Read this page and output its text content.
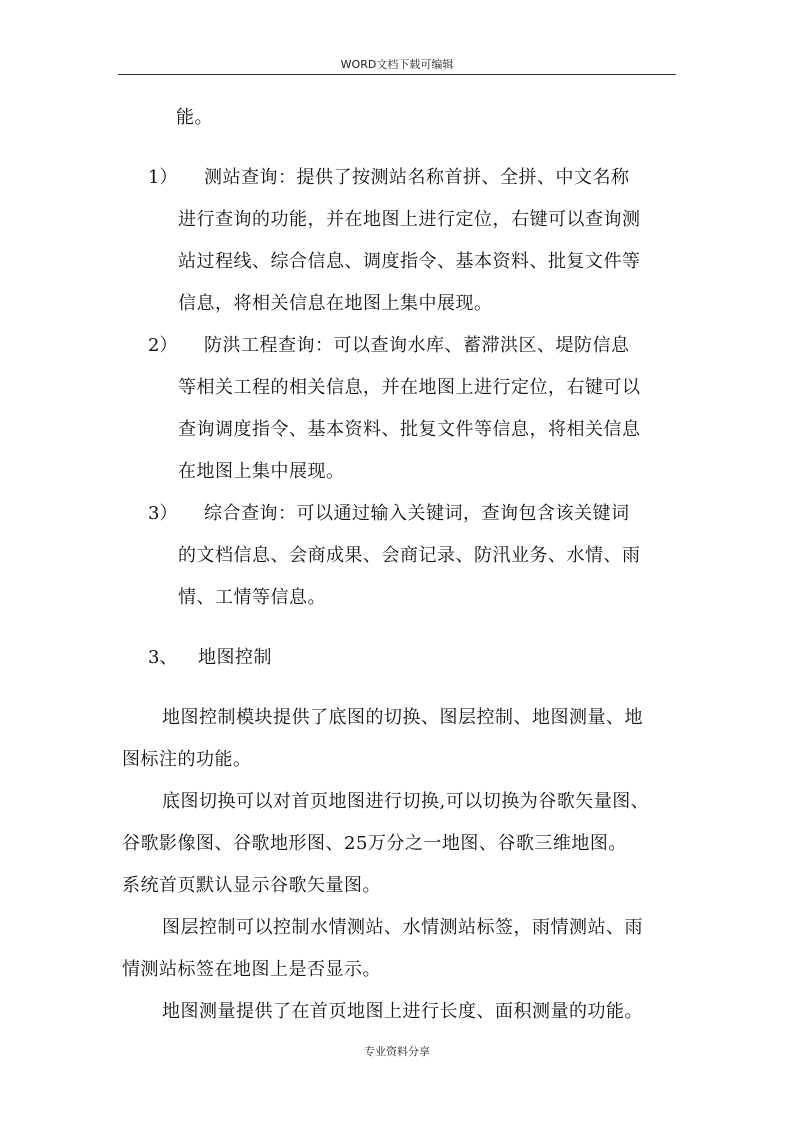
WORD文档下载可编辑
能。
1） 测站查询：提供了按测站名称首拼、全拼、中文名称
进行查询的功能，并在地图上进行定位，右键可以查询测
站过程线、综合信息、调度指令、基本资料、批复文件等
信息，将相关信息在地图上集中展现。
2） 防洪工程查询：可以查询水库、蓄滞洪区、堤防信息
等相关工程的相关信息，并在地图上进行定位，右键可以
查询调度指令、基本资料、批复文件等信息，将相关信息
在地图上集中展现。
3） 综合查询：可以通过输入关键词，查询包含该关键词
的文档信息、会商成果、会商记录、防汛业务、水情、雨
情、工情等信息。
3、 地图控制
地图控制模块提供了底图的切换、图层控制、地图测量、地
图标注的功能。
底图切换可以对首页地图进行切换,可以切换为谷歌矢量图、
谷歌影像图、谷歌地形图、25万分之一地图、谷歌三维地图。
系统首页默认显示谷歌矢量图。
图层控制可以控制水情测站、水情测站标签，雨情测站、雨
情测站标签在地图上是否显示。
地图测量提供了在首页地图上进行长度、面积测量的功能。
专业资料分享
